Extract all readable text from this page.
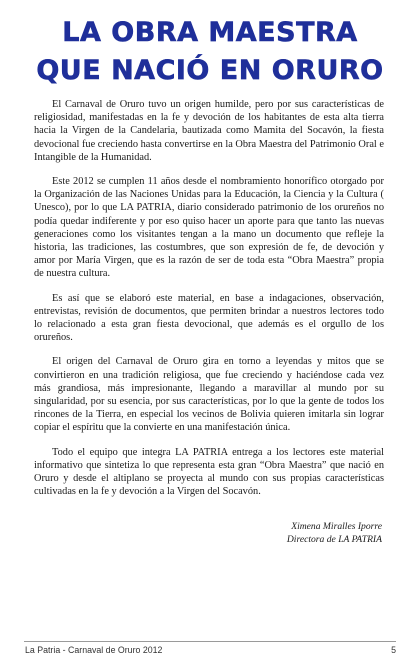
LA OBRA MAESTRA
QUE NACIÓ EN ORURO

El Carnaval de Oruro tuvo un origen humilde, pero por sus características de religiosidad, manifestadas en la fe y devoción de los habitantes de esta alta tierra hacia la Virgen de la Candelaria, bautizada como Mamita del Socavón, la fiesta devocional fue creciendo hasta convertirse en la Obra Maestra del Patrimonio Oral e Intangible de la Humanidad.

Este 2012 se cumplen 11 años desde el nombramiento honorífico otorgado por la Organización de las Naciones Unidas para la Educación, la Ciencia y la Cultura ( Unesco), por lo que LA PATRIA, diario considerado patrimonio de los orureños no podía quedar indiferente y por eso quiso hacer un aporte para que tanto las nuevas generaciones como los visitantes tengan a la mano un documento que refleje la historia, las tradiciones, las costumbres, que son expresión de fe, de devoción y amor por María Virgen, que es la razón de ser de toda esta “Obra Maestra” propia de nuestra cultura.

Es así que se elaboró este material, en base a indagaciones, observación, entrevistas, revisión de documentos, que permiten brindar a nuestros lectores todo lo relacionado a esta gran fiesta devocional, que además es el orgullo de los orureños.

El origen del Carnaval de Oruro gira en torno a leyendas y mitos que se convirtieron en una tradición religiosa, que fue creciendo y haciéndose cada vez más grandiosa, más impresionante, llegando a maravillar al mundo por su singularidad, por su esencia, por sus características, por lo que la gente de todos los rincones de la Tierra, en especial los vecinos de Bolivia quieren imitarla sin lograr copiar el espíritu que la convierte en una manifestación única.

Todo el equipo que integra LA PATRIA entrega a los lectores este material informativo que sintetiza lo que representa esta gran “Obra Maestra” que nació en Oruro y desde el altiplano se proyecta al mundo con sus propias características cultivadas en la fe y devoción a la Virgen del Socavón.

Ximena Miralles Iporre
Directora de LA PATRIA
La Patria - Carnaval de Oruro 2012	5
